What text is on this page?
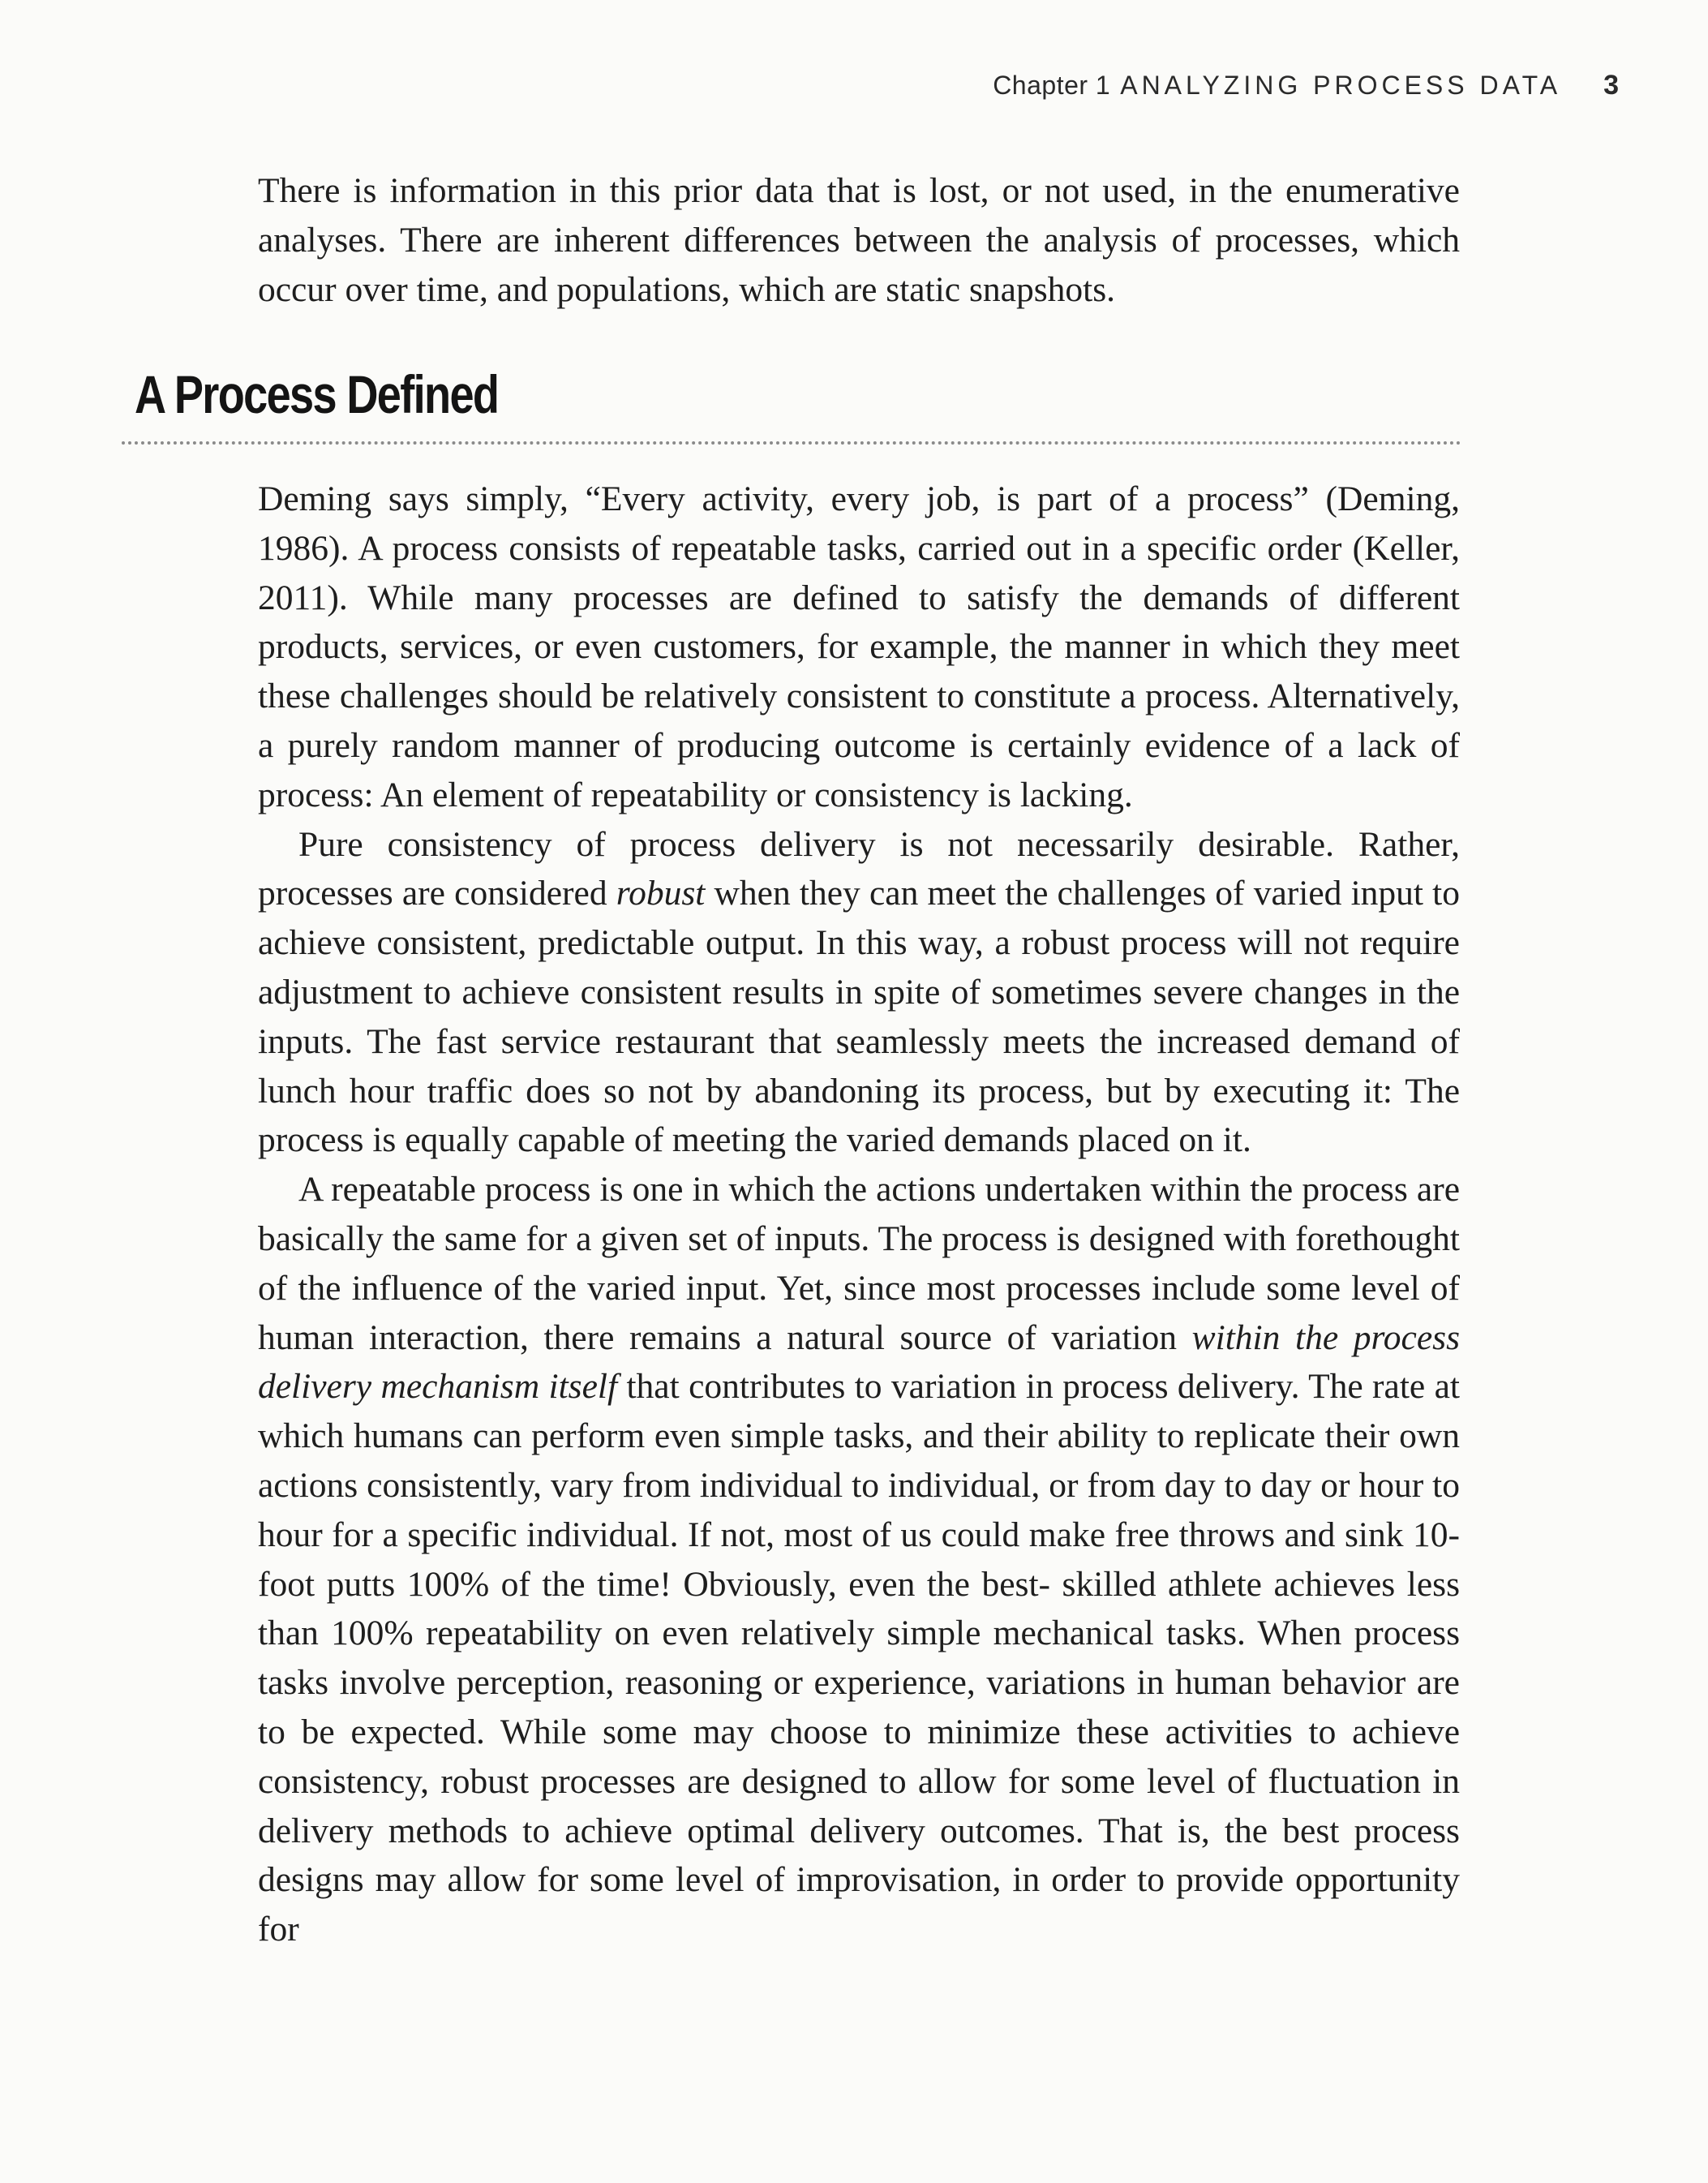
Chapter 1 ANALYZING PROCESS DATA 3

There is information in this prior data that is lost, or not used, in the enumerative analyses. There are inherent differences between the analysis of processes, which occur over time, and populations, which are static snapshots.

A Process Defined

Deming says simply, “Every activity, every job, is part of a process” (Deming, 1986). A process consists of repeatable tasks, carried out in a specific order (Keller, 2011). While many processes are defined to satisfy the demands of different products, services, or even customers, for example, the manner in which they meet these challenges should be relatively consistent to constitute a process. Alternatively, a purely random manner of producing outcome is certainly evidence of a lack of process: An element of repeatability or consistency is lacking.

Pure consistency of process delivery is not necessarily desirable. Rather, processes are considered robust when they can meet the challenges of varied input to achieve consistent, predictable output. In this way, a robust process will not require adjustment to achieve consistent results in spite of sometimes severe changes in the inputs. The fast service restaurant that seamlessly meets the increased demand of lunch hour traffic does so not by abandoning its process, but by executing it: The process is equally capable of meeting the varied demands placed on it.

A repeatable process is one in which the actions undertaken within the process are basically the same for a given set of inputs. The process is designed with forethought of the influence of the varied input. Yet, since most processes include some level of human interaction, there remains a natural source of variation within the process delivery mechanism itself that contributes to variation in process delivery. The rate at which humans can perform even simple tasks, and their ability to replicate their own actions consistently, vary from individual to individual, or from day to day or hour to hour for a specific individual. If not, most of us could make free throws and sink 10-foot putts 100% of the time! Obviously, even the best- skilled athlete achieves less than 100% repeatability on even relatively simple mechanical tasks. When process tasks involve perception, reasoning or experience, variations in human behavior are to be expected. While some may choose to minimize these activities to achieve consistency, robust processes are designed to allow for some level of fluctuation in delivery methods to achieve optimal delivery outcomes. That is, the best process designs may allow for some level of improvisation, in order to provide opportunity for
